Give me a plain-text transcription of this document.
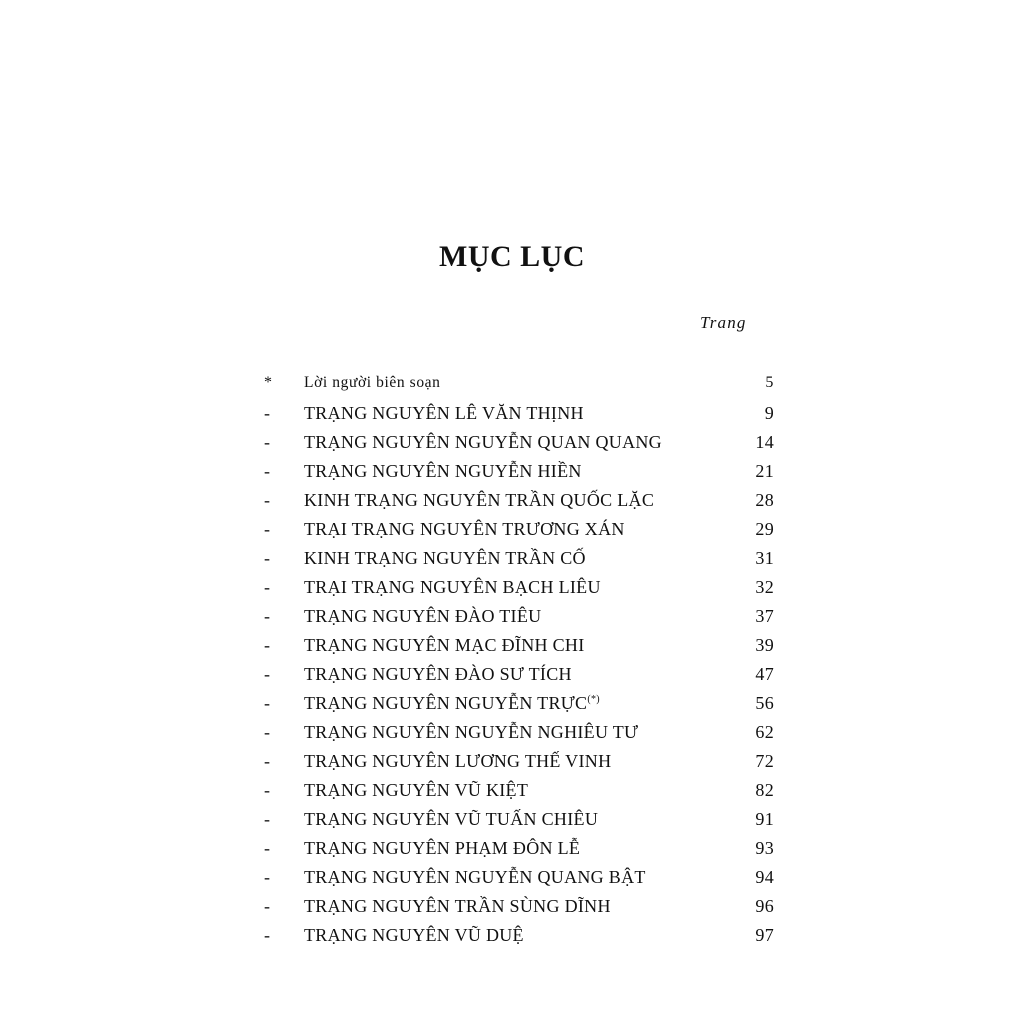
MỤC LỤC
Trang
*	Lời người biên soạn	5
-	TRẠNG NGUYÊN LÊ VĂN THỊNH	9
-	TRẠNG NGUYÊN NGUYỄN QUAN QUANG	14
-	TRẠNG NGUYÊN NGUYỄN HIỀN	21
-	KINH TRẠNG NGUYÊN TRẦN QUỐC LẶC	28
-	TRẠI TRẠNG NGUYÊN TRƯƠNG XÁN	29
-	KINH TRẠNG NGUYÊN TRẦN CỐ	31
-	TRẠI TRẠNG NGUYÊN BẠCH LIÊU	32
-	TRẠNG NGUYÊN ĐÀO TIÊU	37
-	TRẠNG NGUYÊN MẠC ĐĨNH CHI	39
-	TRẠNG NGUYÊN ĐÀO SƯ TÍCH	47
-	TRẠNG NGUYÊN NGUYỄN TRỰC(*)	56
-	TRẠNG NGUYÊN NGUYỄN NGHIÊU TƯ	62
-	TRẠNG NGUYÊN LƯƠNG THẾ VINH	72
-	TRẠNG NGUYÊN VŨ KIỆT	82
-	TRẠNG NGUYÊN VŨ TUẤN CHIÊU	91
-	TRẠNG NGUYÊN PHẠM ĐÔN LỄ	93
-	TRẠNG NGUYÊN NGUYỄN QUANG BẬT	94
-	TRẠNG NGUYÊN TRẦN SÙNG DĨNH	96
-	TRẠNG NGUYÊN VŨ DUỆ	97
